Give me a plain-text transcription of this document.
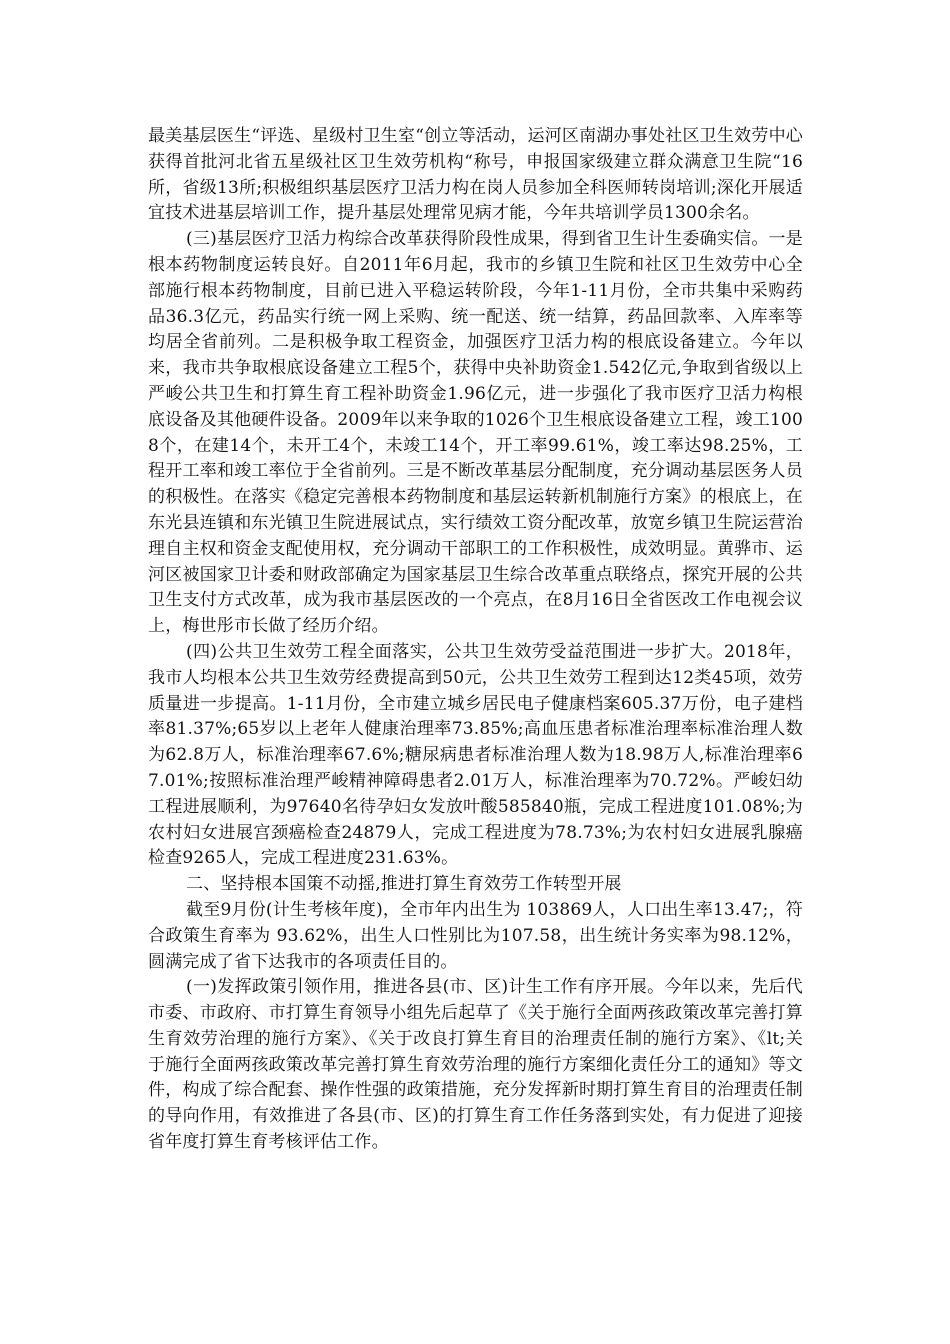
最美基层医生“评选、星级村卫生室“创立等活动，运河区南湖办事处社区卫生效劳中心获得首批河北省五星级社区卫生效劳机构“称号，申报国家级建立群众满意卫生院“16所，省级13所;积极组织基层医疗卫活力构在岗人员参加全科医师转岗培训;深化开展适宜技术进基层培训工作，提升基层处理常见病才能，今年共培训学员1300余名。

(三)基层医疗卫活力构综合改革获得阶段性成果，得到省卫生计生委确实信。一是根本药物制度运转良好。自2011年6月起，我市的乡镇卫生院和社区卫生效劳中心全部施行根本药物制度，目前已进入平稳运转阶段，今年1-11月份，全市共集中采购药品36.3亿元，药品实行统一网上采购、统一配送、统一结算，药品回款率、入库率等均居全省前列。二是积极争取工程资金，加强医疗卫活力构的根底设备建立。今年以来，我市共争取根底设备建立工程5个，获得中央补助资金1.542亿元,争取到省级以上严峻公共卫生和打算生育工程补助资金1.96亿元，进一步强化了我市医疗卫活力构根底设备及其他硬件设备。2009年以来争取的1026个卫生根底设备建立工程，竣工1008个，在建14个，未开工4个，未竣工14个，开工率99.61%，竣工率达98.25%，工程开工率和竣工率位于全省前列。三是不断改革基层分配制度，充分调动基层医务人员的积极性。在落实《稳定完善根本药物制度和基层运转新机制施行方案》的根底上，在东光县连镇和东光镇卫生院进展试点，实行绩效工资分配改革，放宽乡镇卫生院运营治理自主权和资金支配使用权，充分调动干部职工的工作积极性，成效明显。黄骅市、运河区被国家卫计委和财政部确定为国家基层卫生综合改革重点联络点，探究开展的公共卫生支付方式改革，成为我市基层医改的一个亮点，在8月16日全省医改工作电视会议上，梅世彤市长做了经历介绍。

(四)公共卫生效劳工程全面落实，公共卫生效劳受益范围进一步扩大。2018年，我市人均根本公共卫生效劳经费提高到50元，公共卫生效劳工程到达12类45项，效劳质量进一步提高。1-11月份，全市建立城乡居民电子健康档案605.37万份，电子建档率81.37%;65岁以上老年人健康治理率73.85%;高血压患者标准治理率标准治理人数为62.8万人，标准治理率67.6%;糖尿病患者标准治理人数为18.98万人,标准治理率67.01%;按照标准治理严峻精神障碍患者2.01万人，标准治理率为70.72%。严峻妇幼工程进展顺利，为97640名待孕妇女发放叶酸585840瓶，完成工程进度101.08%;为农村妇女进展宫颈癌检查24879人，完成工程进度为78.73%;为农村妇女进展乳腺癌检查9265人，完成工程进度231.63%。

二、坚持根本国策不动摇,推进打算生育效劳工作转型开展

截至9月份(计生考核年度)，全市年内出生为 103869人，人口出生率13.47;，符合政策生育率为 93.62%，出生人口性别比为107.58，出生统计务实率为98.12%，圆满完成了省下达我市的各项责任目的。

(一)发挥政策引领作用，推进各县(市、区)计生工作有序开展。今年以来，先后代市委、市政府、市打算生育领导小组先后起草了《关于施行全面两孩政策改革完善打算生育效劳治理的施行方案》、《关于改良打算生育目的治理责任制的施行方案》、《lt;关于施行全面两孩政策改革完善打算生育效劳治理的施行方案细化责任分工的通知》等文件，构成了综合配套、操作性强的政策措施，充分发挥新时期打算生育目的治理责任制的导向作用，有效推进了各县(市、区)的打算生育工作任务落到实处，有力促进了迎接省年度打算生育考核评估工作。
